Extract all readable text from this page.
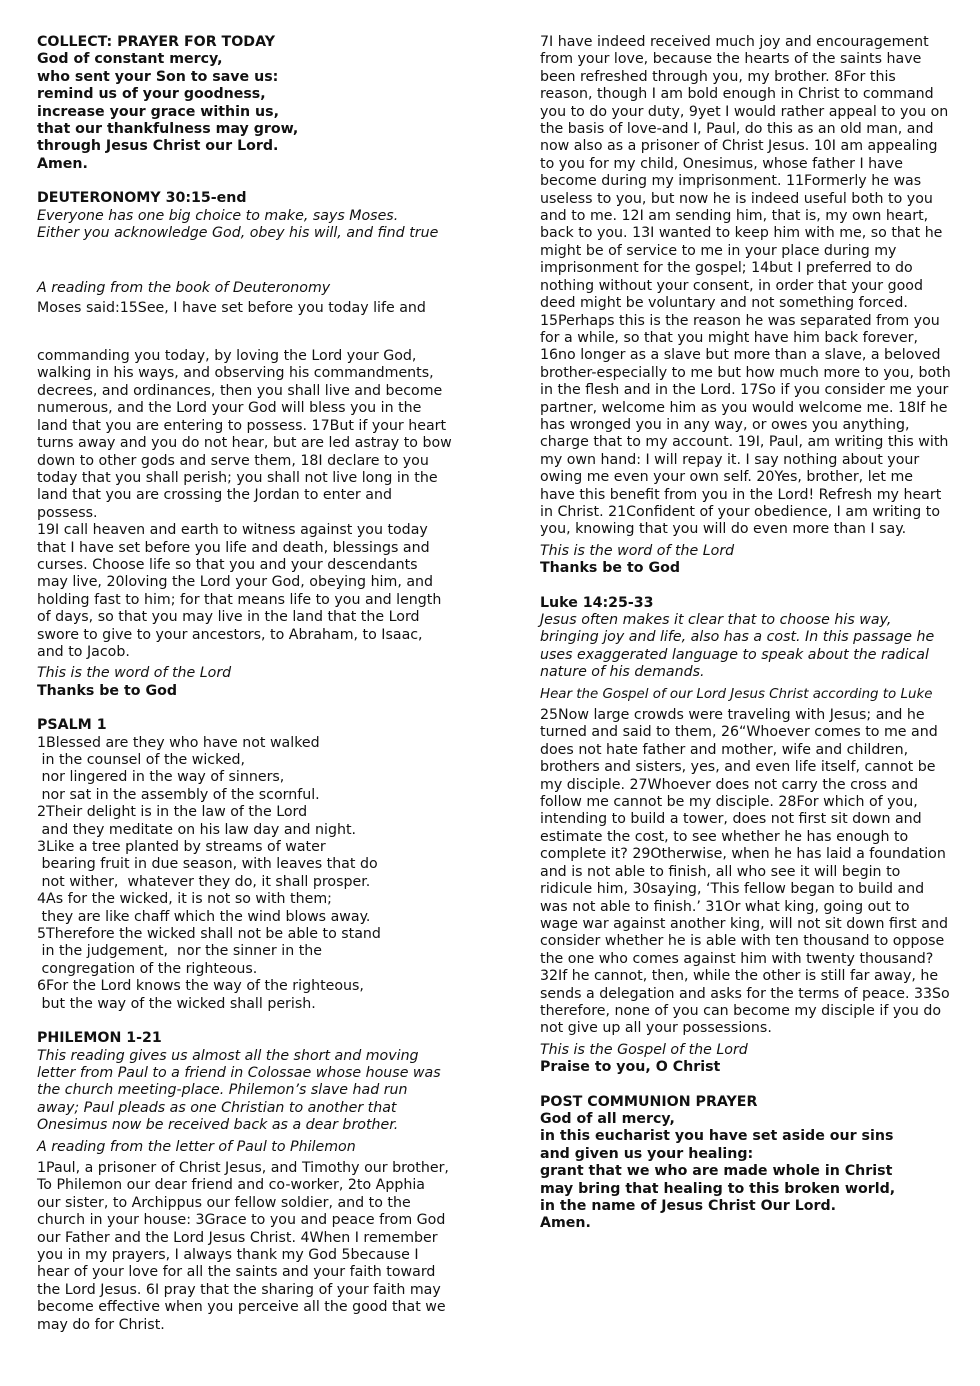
COLLECT: PRAYER FOR TODAY

God of constant mercy,

who sent your Son to save us:

remind us of your goodness,

increase your grace within us,

that our thankfulness may grow,

through Jesus Christ our Lord.

Amen.

DEUTERONOMY 30:15-end

Everyone has one big choice to make, says Moses.

Either you acknowledge God, obey his will, and find true

A reading from the book of Deuteronomy

Moses said:15See, I have set before you today life and

commanding you today, by loving the Lord your God, walking in his ways, and observing his commandments, decrees, and ordinances, then you shall live and become numerous, and the Lord your God will bless you in the land that you are entering to possess. 17But if your heart turns away and you do not hear, but are led astray to bow down to other gods and serve them, 18I declare to you today that you shall perish; you shall not live long in the land that you are crossing the Jordan to enter and possess.

19I call heaven and earth to witness against you today that I have set before you life and death, blessings and curses. Choose life so that you and your descendants may live, 20loving the Lord your God, obeying him, and holding fast to him; for that means life to you and length of days, so that you may live in the land that the Lord swore to give to your ancestors, to Abraham, to Isaac, and to Jacob.

This is the word of the Lord

Thanks be to God

PSALM 1

1Blessed are they who have not walked

in the counsel of the wicked,

nor lingered in the way of sinners,

nor sat in the assembly of the scornful.

2Their delight is in the law of the Lord

and they meditate on his law day and night.

3Like a tree planted by streams of water

bearing fruit in due season, with leaves that do

not wither,  whatever they do, it shall prosper.

4As for the wicked, it is not so with them;

they are like chaff which the wind blows away.

5Therefore the wicked shall not be able to stand

in the judgement,  nor the sinner in the

congregation of the righteous.

6For the Lord knows the way of the righteous,

but the way of the wicked shall perish.

PHILEMON 1-21

This reading gives us almost all the short and moving letter from Paul to a friend in Colossae whose house was the church meeting-place. Philemon’s slave had run away; Paul pleads as one Christian to another that Onesimus now be received back as a dear brother.

A reading from the letter of Paul to Philemon

1Paul, a prisoner of Christ Jesus, and Timothy our brother, To Philemon our dear friend and co-worker, 2to Apphia our sister, to Archippus our fellow soldier, and to the church in your house: 3Grace to you and peace from God our Father and the Lord Jesus Christ. 4When I remember you in my prayers, I always thank my God 5because I hear of your love for all the saints and your faith toward the Lord Jesus. 6I pray that the sharing of your faith may become effective when you perceive all the good that we may do for Christ.

7I have indeed received much joy and encouragement from your love, because the hearts of the saints have been refreshed through you, my brother. 8For this reason, though I am bold enough in Christ to command you to do your duty, 9yet I would rather appeal to you on the basis of love-and I, Paul, do this as an old man, and now also as a prisoner of Christ Jesus. 10I am appealing to you for my child, Onesimus, whose father I have become during my imprisonment. 11Formerly he was useless to you, but now he is indeed useful both to you and to me. 12I am sending him, that is, my own heart, back to you. 13I wanted to keep him with me, so that he might be of service to me in your place during my imprisonment for the gospel; 14but I preferred to do nothing without your consent, in order that your good deed might be voluntary and not something forced. 15Perhaps this is the reason he was separated from you for a while, so that you might have him back forever, 16no longer as a slave but more than a slave, a beloved brother-especially to me but how much more to you, both in the flesh and in the Lord. 17So if you consider me your partner, welcome him as you would welcome me. 18If he has wronged you in any way, or owes you anything, charge that to my account. 19I, Paul, am writing this with my own hand: I will repay it. I say nothing about your owing me even your own self. 20Yes, brother, let me have this benefit from you in the Lord! Refresh my heart in Christ. 21Confident of your obedience, I am writing to you, knowing that you will do even more than I say.

This is the word of the Lord

Thanks be to God

Luke 14:25-33

Jesus often makes it clear that to choose his way, bringing joy and life, also has a cost. In this passage he uses exaggerated language to speak about the radical nature of his demands.

Hear the Gospel of our Lord Jesus Christ according to Luke

25Now large crowds were traveling with Jesus; and he turned and said to them, 26“Whoever comes to me and does not hate father and mother, wife and children, brothers and sisters, yes, and even life itself, cannot be my disciple. 27Whoever does not carry the cross and follow me cannot be my disciple. 28For which of you, intending to build a tower, does not first sit down and estimate the cost, to see whether he has enough to complete it? 29Otherwise, when he has laid a foundation and is not able to finish, all who see it will begin to ridicule him, 30saying, ‘This fellow began to build and was not able to finish.’ 31Or what king, going out to wage war against another king, will not sit down first and consider whether he is able with ten thousand to oppose the one who comes against him with twenty thousand? 32If he cannot, then, while the other is still far away, he sends a delegation and asks for the terms of peace. 33So therefore, none of you can become my disciple if you do not give up all your possessions.

This is the Gospel of the Lord

Praise to you, O Christ

POST COMMUNION PRAYER

God of all mercy,

in this eucharist you have set aside our sins

and given us your healing:

grant that we who are made whole in Christ

may bring that healing to this broken world,

in the name of Jesus Christ Our Lord.

Amen.
